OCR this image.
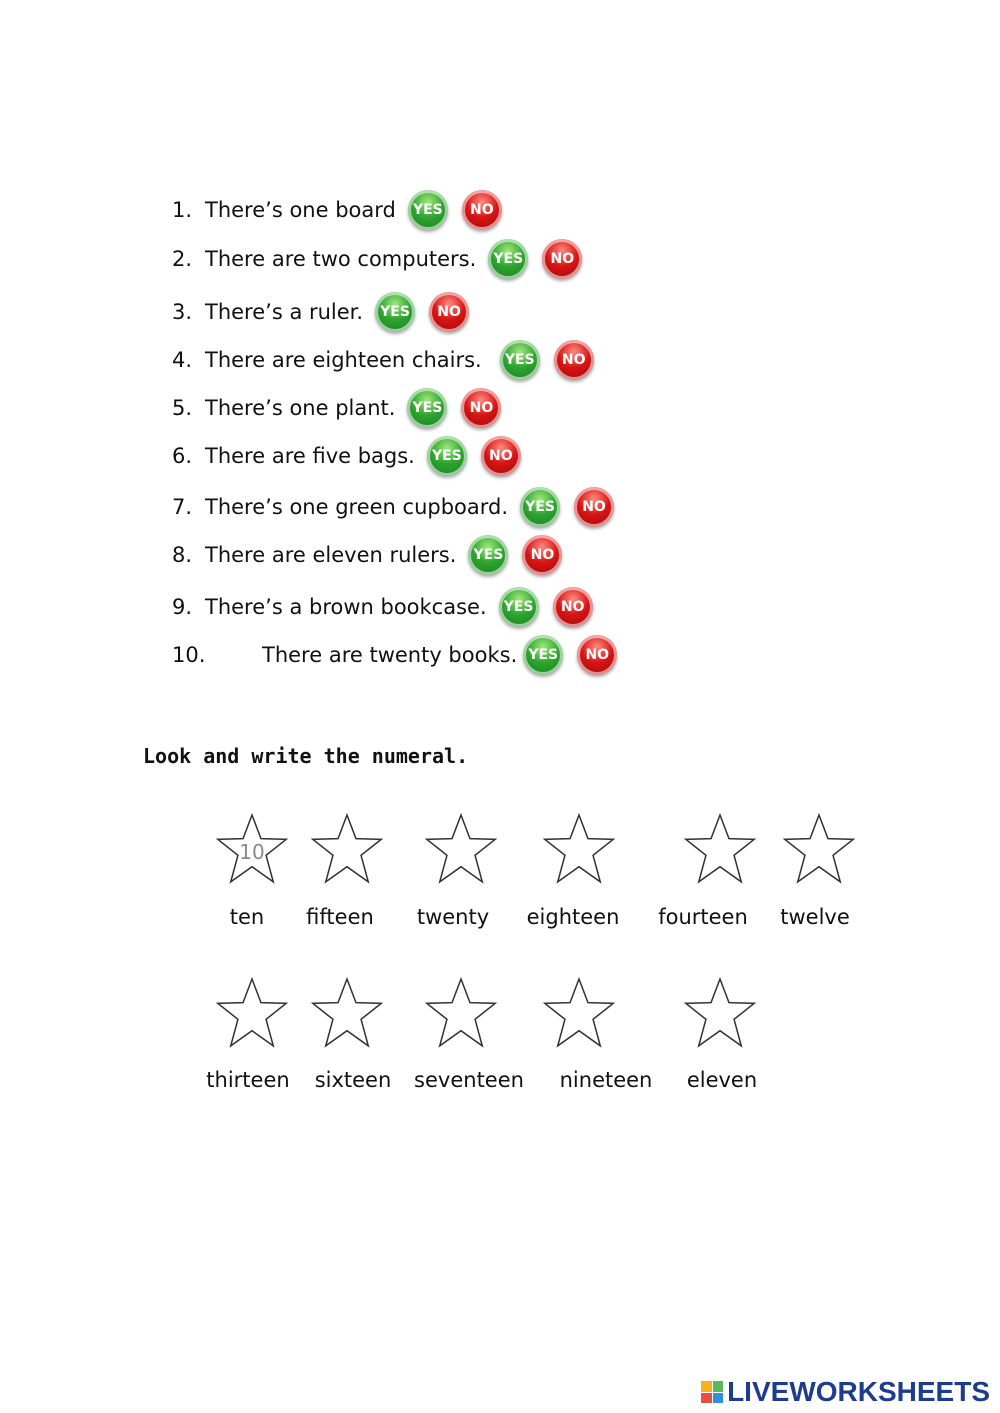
1. There’s one board	YES	NO
2. There are two computers.	YES	NO
3. There’s a ruler.	YES	NO
4. There are eighteen chairs.	YES	NO
5. There’s one plant.	YES	NO
6. There are five bags.	YES	NO
7. There’s one green cupboard.	YES	NO
8. There are eleven rulers.	YES	NO
9. There’s a brown bookcase.	YES	NO
10.	There are twenty books. YES	NO
Look and write the numeral.
10
ten	fifteen	twenty	eighteen	fourteen	twelve
thirteen	sixteen	seventeen	nineteen	eleven
LIVEWORKSHEETS
